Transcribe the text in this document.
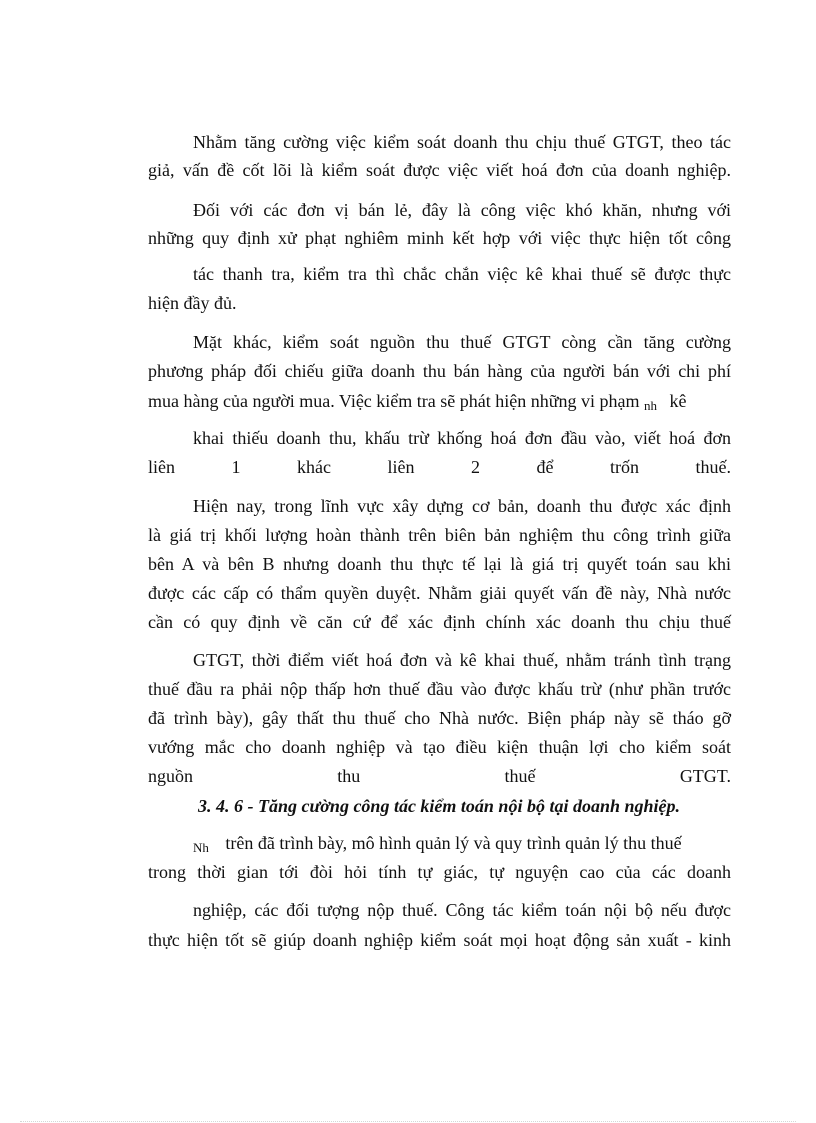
Nhằm tăng cường việc kiểm soát doanh thu chịu thuế GTGT, theo tác
giả, vấn đề cốt lõi là kiểm soát được việc viết hoá đơn của doanh nghiệp.
Đối với các đơn vị bán lẻ, đây là công việc khó khăn, nhưng với
những quy định xử phạt nghiêm minh kết hợp với việc thực hiện tốt công
tác thanh tra, kiểm tra thì chắc chắn việc kê khai thuế sẽ được thực
hiện đầy đủ.
Mặt khác, kiểm soát nguồn thu thuế GTGT còng cần tăng cường
phương pháp đối chiếu giữa doanh thu bán hàng của người bán với chi phí
mua hàng của người mua. Việc kiểm tra sẽ phát hiện những vi phạm nh kê
khai thiếu doanh thu, khấu trừ khống hoá đơn đầu vào, viết hoá đơn
liên	1	khác	liên	2	để	trốn	thuế.
Hiện nay, trong lĩnh vực xây dựng cơ bản, doanh thu được xác định
là giá trị khối lượng hoàn thành trên biên bản nghiệm thu công trình giữa
bên A và bên B nhưng doanh thu thực tế lại là giá trị quyết toán sau khi
được các cấp có thẩm quyền duyệt. Nhằm giải quyết vấn đề này, Nhà nước
cần có quy định về căn cứ để xác định chính xác doanh thu chịu thuế
GTGT, thời điểm viết hoá đơn và kê khai thuế, nhằm tránh tình trạng
thuế đầu ra phải nộp thấp hơn thuế đầu vào được khấu trừ (như phần trước
đã trình bày), gây thất thu thuế cho Nhà nước. Biện pháp này sẽ tháo gỡ
vướng mắc cho doanh nghiệp và tạo điều kiện thuận lợi cho kiểm soát
nguồn	thu	thuế	GTGT.
3. 4. 6 - Tăng cường công tác kiểm toán nội bộ tại doanh nghiệp.
Nh trên đã trình bày, mô hình quản lý và quy trình quản lý thu thuế
trong thời gian tới đòi hỏi tính tự giác, tự nguyện cao của các doanh
nghiệp, các đối tượng nộp thuế. Công tác kiểm toán nội bộ nếu được
thực hiện tốt sẽ giúp doanh nghiệp kiểm soát mọi hoạt động sản xuất - kinh
